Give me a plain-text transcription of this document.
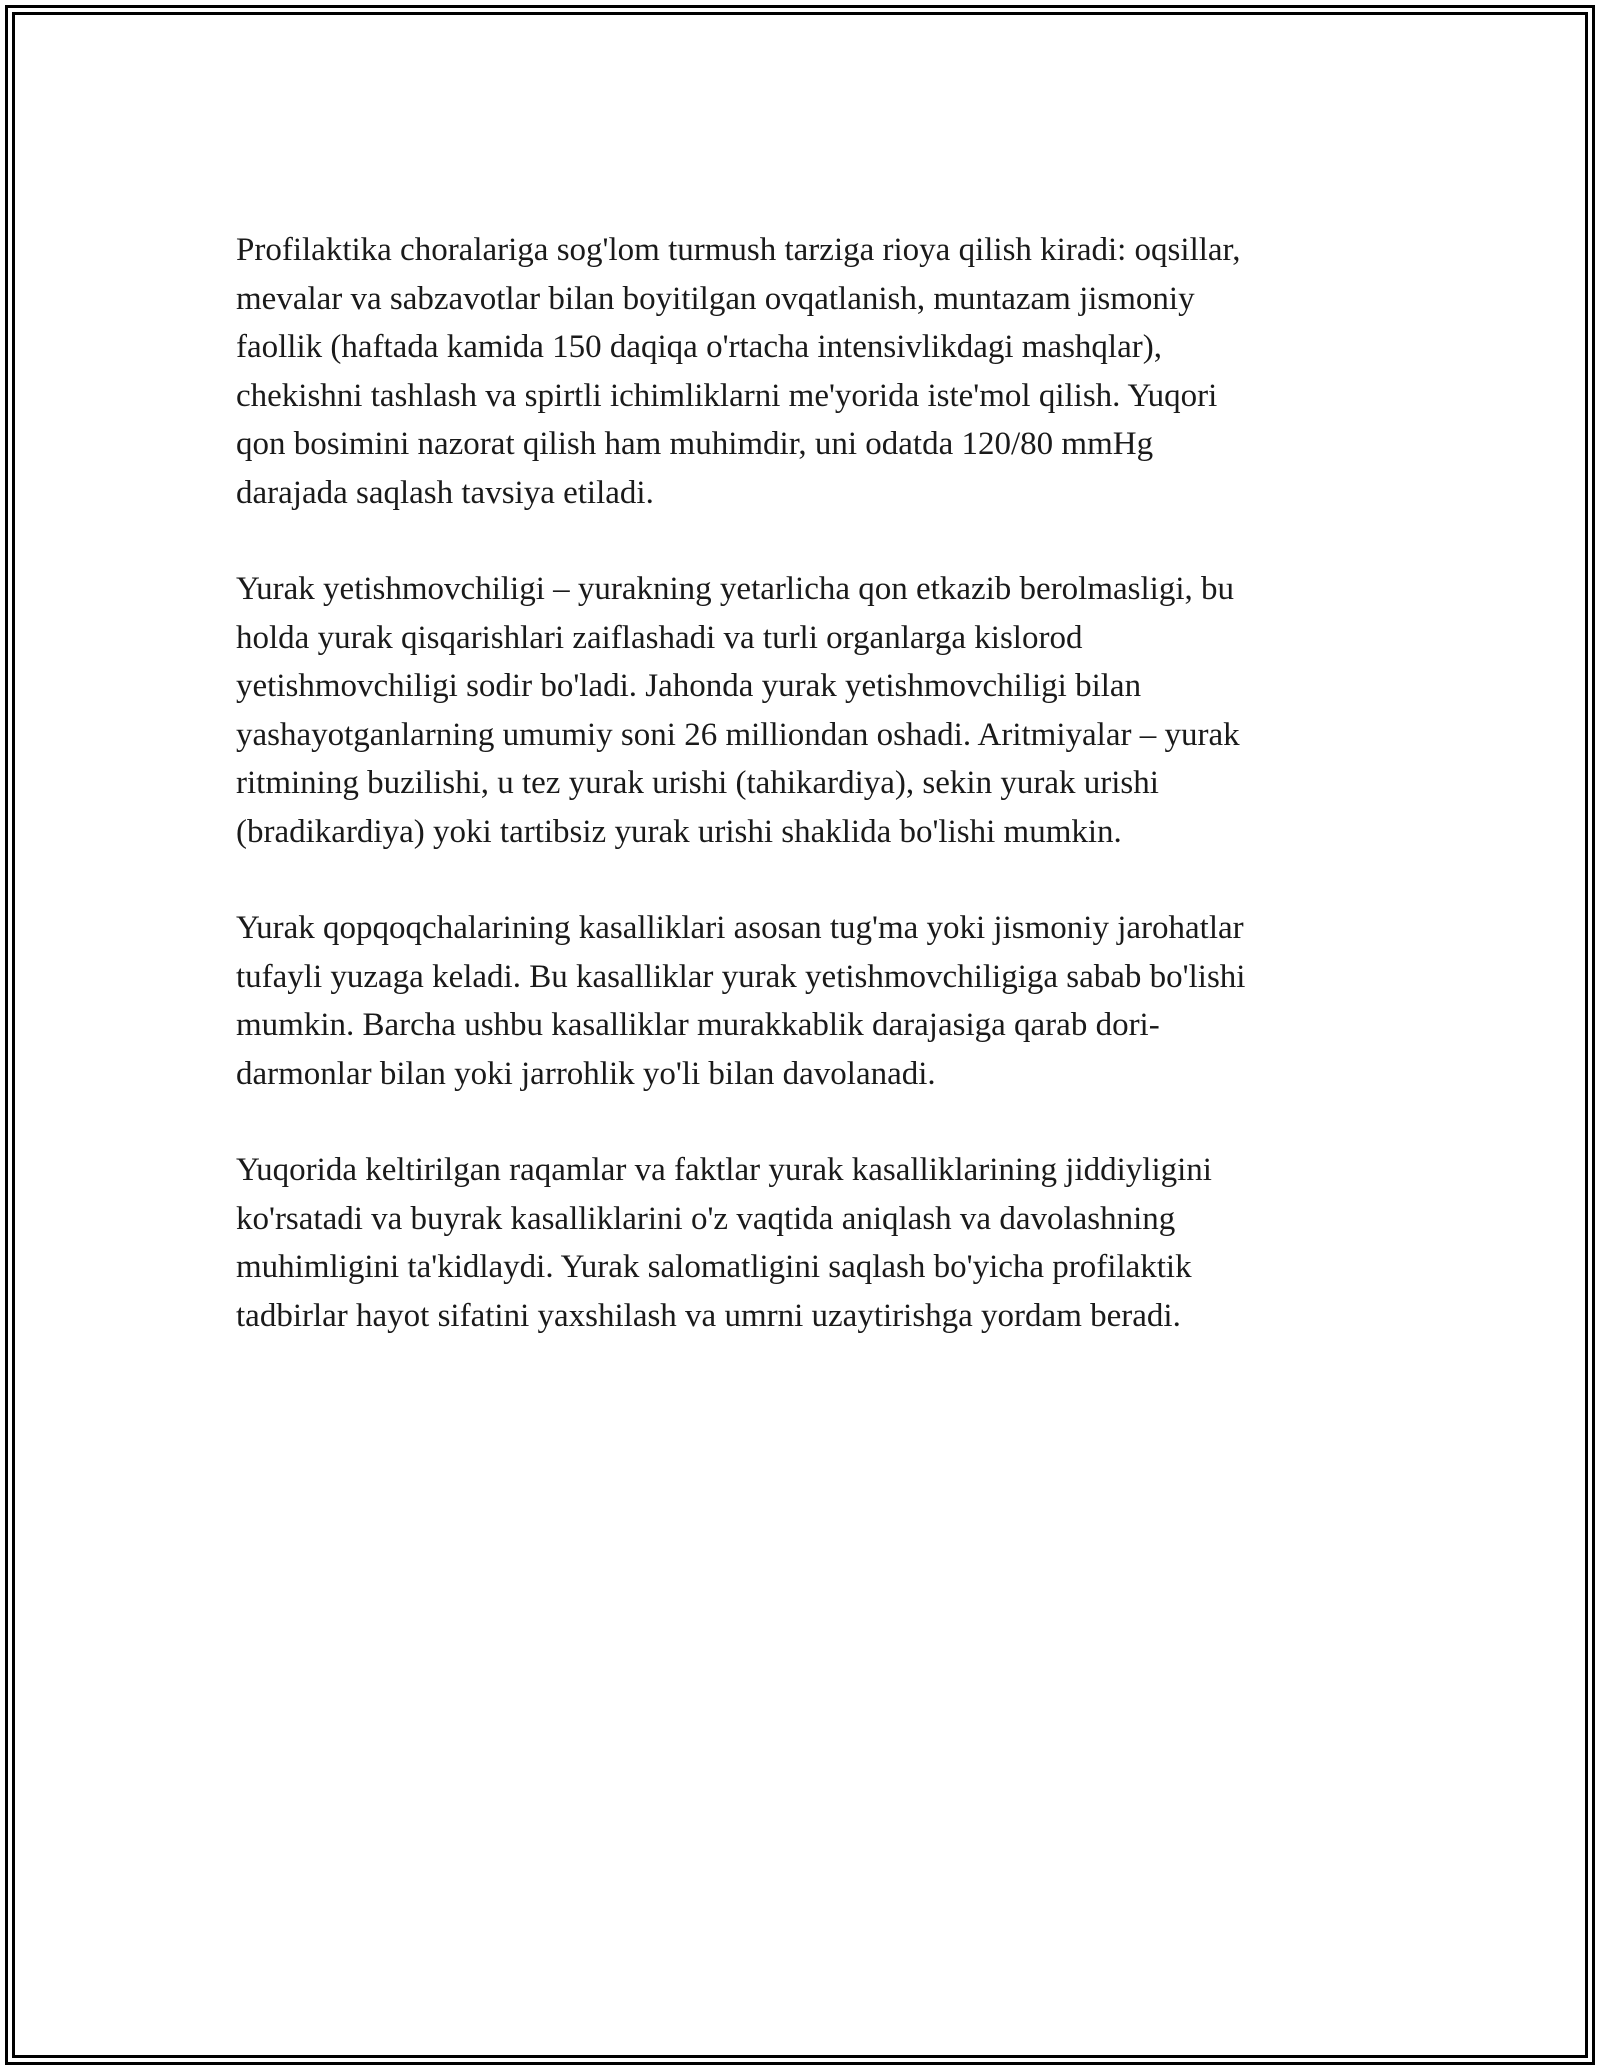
Profilaktika choralariga sog'lom turmush tarziga rioya qilish kiradi: oqsillar,
mevalar va sabzavotlar bilan boyitilgan ovqatlanish, muntazam jismoniy
faollik (haftada kamida 150 daqiqa o'rtacha intensivlikdagi mashqlar),
chekishni tashlash va spirtli ichimliklarni me'yorida iste'mol qilish. Yuqori
qon bosimini nazorat qilish ham muhimdir, uni odatda 120/80 mmHg
darajada saqlash tavsiya etiladi.

Yurak yetishmovchiligi – yurakning yetarlicha qon etkazib berolmasligi, bu
holda yurak qisqarishlari zaiflashadi va turli organlarga kislorod
yetishmovchiligi sodir bo'ladi. Jahonda yurak yetishmovchiligi bilan
yashayotganlarning umumiy soni 26 milliondan oshadi. Aritmiyalar – yurak
ritmining buzilishi, u tez yurak urishi (tahikardiya), sekin yurak urishi
(bradikardiya) yoki tartibsiz yurak urishi shaklida bo'lishi mumkin.

Yurak qopqoqchalarining kasalliklari asosan tug'ma yoki jismoniy jarohatlar
tufayli yuzaga keladi. Bu kasalliklar yurak yetishmovchiligiga sabab bo'lishi
mumkin. Barcha ushbu kasalliklar murakkablik darajasiga qarab dori-
darmonlar bilan yoki jarrohlik yo'li bilan davolanadi.

Yuqorida keltirilgan raqamlar va faktlar yurak kasalliklarining jiddiyligini
ko'rsatadi va buyrak kasalliklarini o'z vaqtida aniqlash va davolashning
muhimligini ta'kidlaydi. Yurak salomatligini saqlash bo'yicha profilaktik
tadbirlar hayot sifatini yaxshilash va umrni uzaytirishga yordam beradi.
